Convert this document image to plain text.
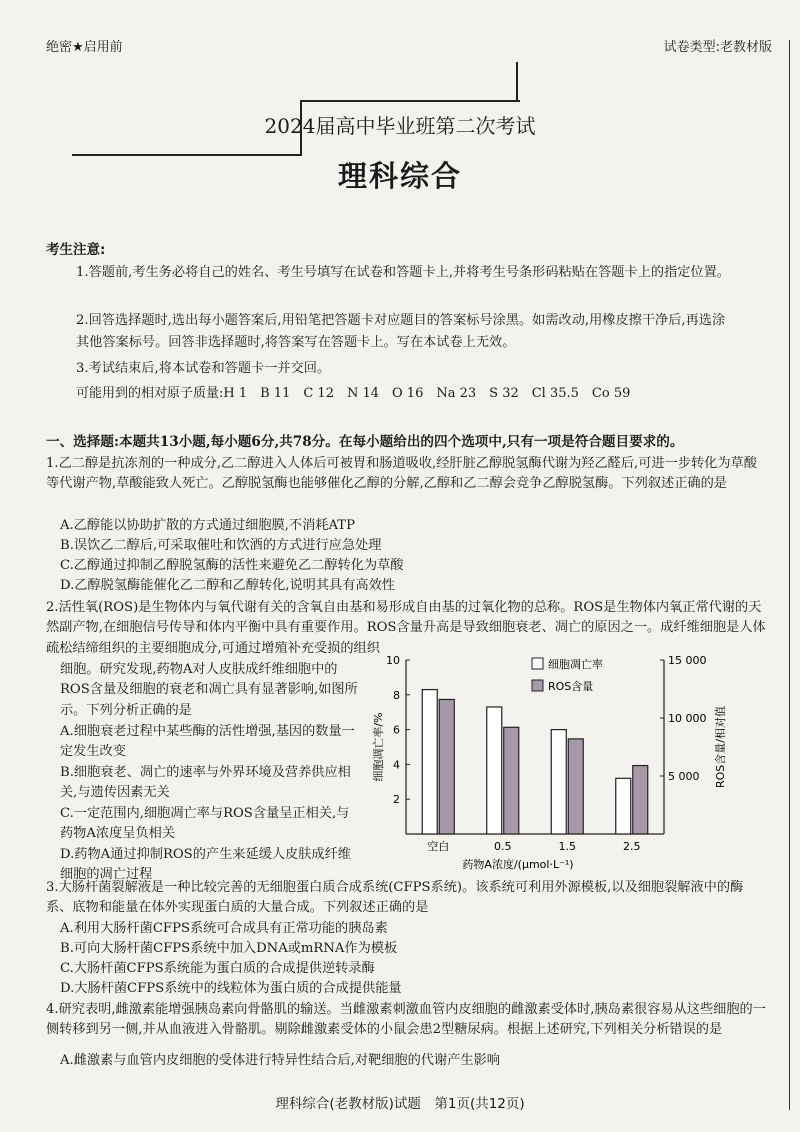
绝密★启用前	试卷类型:老教材版
2024届高中毕业班第二次考试
理科综合
考生注意:
1.答题前,考生务必将自己的姓名、考生号填写在试卷和答题卡上,并将考生号条形码粘贴在答题卡上的指定位置。
2.回答选择题时,选出每小题答案后,用铅笔把答题卡对应题目的答案标号涂黑。如需改动,用橡皮擦干净后,再选涂其他答案标号。回答非选择题时,将答案写在答题卡上。写在本试卷上无效。
3.考试结束后,将本试卷和答题卡一并交回。
可能用到的相对原子质量:H 1　B 11　C 12　N 14　O 16　Na 23　S 32　Cl 35.5　Co 59
一、选择题:本题共13小题,每小题6分,共78分。在每小题给出的四个选项中,只有一项是符合题目要求的。
1.乙二醇是抗冻剂的一种成分,乙二醇进入人体后可被胃和肠道吸收,经肝脏乙醇脱氢酶代谢为羟乙醛后,可进一步转化为草酸等代谢产物,草酸能致人死亡。乙醇脱氢酶也能够催化乙醇的分解,乙醇和乙二醇会竞争乙醇脱氢酶。下列叙述正确的是
A.乙醇能以协助扩散的方式通过细胞膜,不消耗ATP
B.误饮乙二醇后,可采取催吐和饮酒的方式进行应急处理
C.乙醇通过抑制乙醇脱氢酶的活性来避免乙二醇转化为草酸
D.乙醇脱氢酶能催化乙二醇和乙醇转化,说明其具有高效性
2.活性氧(ROS)是生物体内与氧代谢有关的含氧自由基和易形成自由基的过氧化物的总称。ROS是生物体内氧正常代谢的天然副产物,在细胞信号传导和体内平衡中具有重要作用。ROS含量升高是导致细胞衰老、凋亡的原因之一。成纤维细胞是人体疏松结缔组织的主要细胞成分,可通过增殖补充受损的组织
细胞。研究发现,药物A对人皮肤成纤维细胞中的ROS含量及细胞的衰老和凋亡具有显著影响,如图所示。下列分析正确的是
A.细胞衰老过程中某些酶的活性增强,基因的数量一定发生改变
B.细胞衰老、凋亡的速率与外界环境及营养供应相关,与遗传因素无关
C.一定范围内,细胞凋亡率与ROS含量呈正相关,与药物A浓度呈负相关
D.药物A通过抑制ROS的产生来延缓人皮肤成纤维细胞的凋亡过程
2
4
6
8
10
5 000
10 000
15 000
细胞凋亡率/%	ROS含量/相对值
药物A浓度/(μmol·L⁻¹)
空白	0.5	1.5	2.5
细胞凋亡率
ROS含量
3.大肠杆菌裂解液是一种比较完善的无细胞蛋白质合成系统(CFPS系统)。该系统可利用外源模板,以及细胞裂解液中的酶系、底物和能量在体外实现蛋白质的大量合成。下列叙述正确的是
A.利用大肠杆菌CFPS系统可合成具有正常功能的胰岛素
B.可向大肠杆菌CFPS系统中加入DNA或mRNA作为模板
C.大肠杆菌CFPS系统能为蛋白质的合成提供逆转录酶
D.大肠杆菌CFPS系统中的线粒体为蛋白质的合成提供能量
4.研究表明,雌激素能增强胰岛素向骨骼肌的输送。当雌激素刺激血管内皮细胞的雌激素受体时,胰岛素很容易从这些细胞的一侧转移到另一侧,并从血液进入骨骼肌。剔除雌激素受体的小鼠会患2型糖尿病。根据上述研究,下列相关分析错误的是
A.雌激素与血管内皮细胞的受体进行特异性结合后,对靶细胞的代谢产生影响
理科综合(老教材版)试题　第1页(共12页)
